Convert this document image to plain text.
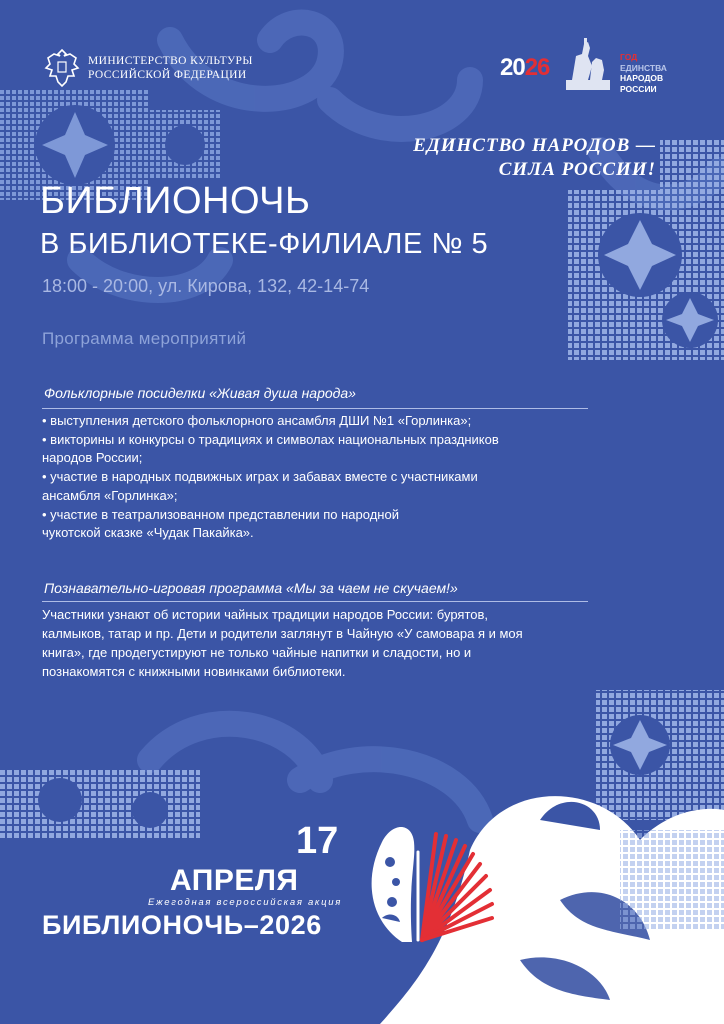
МИНИСТЕРСТВО КУЛЬТУРЫ
РОССИЙСКОЙ ФЕДЕРАЦИИ	2026	ГОД
ЕДИНСТВА
НАРОДОВ
РОССИИ
ЕДИНСТВО НАРОДОВ —
СИЛА РОССИИ!
БИБЛИОНОЧЬ
В БИБЛИОТЕКЕ-ФИЛИАЛЕ № 5
18:00 - 20:00, ул. Кирова, 132, 42-14-74
Программа мероприятий
Фольклорные посиделки «Живая душа народа»
• выступления детского фольклорного ансамбля ДШИ №1 «Горлинка»;
• викторины и конкурсы о традициях и символах национальных праздников
народов России;
• участие в народных подвижных играх и забавах вместе с участниками
ансамбля «Горлинка»;
• участие в театрализованном представлении по народной
чукотской сказке «Чудак Пакайка».
Познавательно-игровая программа «Мы за чаем не скучаем!»
Участники узнают об истории чайных традиции народов России: бурятов,
калмыков, татар и пр. Дети и родители заглянут в Чайную «У самовара я и моя
книга», где продегустируют не только чайные напитки и сладости, но и
познакомятся с книжными новинками библиотеки.
17
АПРЕЛЯ
Ежегодная всероссийская акция
БИБЛИОНОЧЬ–2026
